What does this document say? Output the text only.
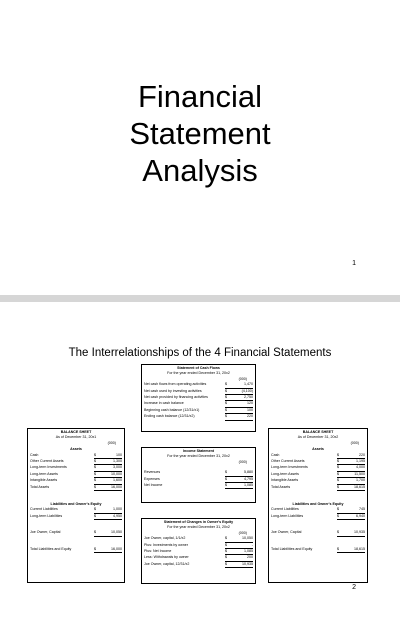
Financial
Statement
Analysis
1
The Interrelationships of the 4 Financial Statements
Statement of Cash Flows
For the year ended December 31, 20x2
(000)
Net cash flows from operating activities	$	1,470
Net cash used by investing activities	$	(4,100)
Net cash provided by financing activities	$	2,750
Increase in cash balance	$	120
Beginning cash balance (12/31/x1)	$	100
Ending cash balance (12/31/x2)	$	220
BALANCE SHEET
As of December 31, 20x1
(000)
Assets
Cash	$	100
Other Current Assets	$	1,300
Long-term Investments	$	3,000
Long-term Assets	$	10,000
Intangible Assets	$	1,600
Total Assets	$	16,000
Liabilities and Owner's Equity
Current Liabilities	$	1,000
Long-term Liabilities	$	4,950
Joe Owner, Capital	$	10,050
Total Liabilities and Equity	$	16,000
Income Statement
For the year ended December 31, 20x2
(000)
Revenues	$	5,880
Expenses	$	4,795
Net Income	$	1,085
Statement of Changes in Owner's Equity
For the year ended December 31, 20x2
(000)
Joe Owner, capital, 1/1/x2	$	10,050
Plus: Investments by owner	$	-
Plus: Net Income	$	1,085
Less: Withdrawals by owner	$	200
Joe Owner, capital, 12/31/x2	$	10,935
BALANCE SHEET
As of December 31, 20x2
(000)
Assets
Cash	$	220
Other Current Assets	$	1,195
Long-term Investments	$	4,000
Long-term Assets	$	11,500
Intangible Assets	$	1,700
Total Assets	$	18,615
Liabilities and Owner's Equity
Current Liabilities	$	745
Long-term Liabilities	$	6,940
Joe Owner, Capital	$	10,935
Total Liabilities and Equity	$	18,615
2
